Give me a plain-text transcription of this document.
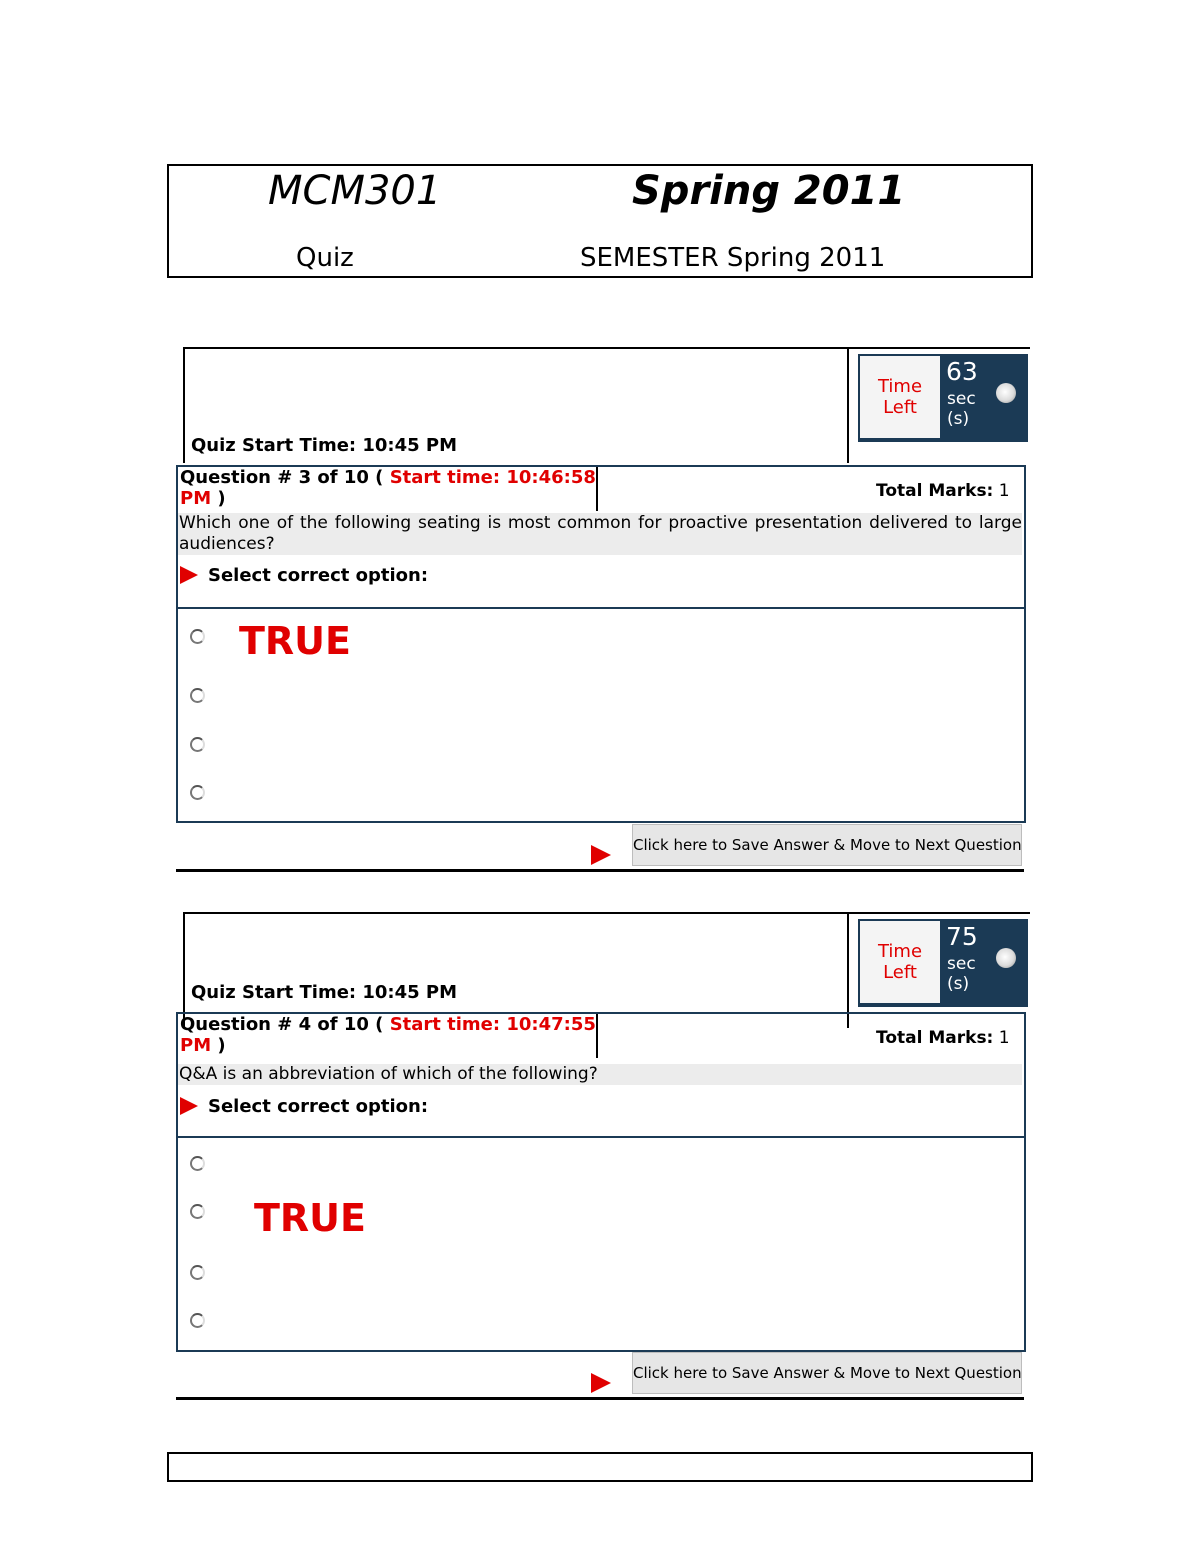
MCM301	Spring 2011
Quiz	SEMESTER Spring 2011
Time Left
63
sec(s)
Quiz Start Time: 10:45 PM
Question # 3 of 10 ( Start time: 10:46:58 PM )	Total Marks: 1
Which one of the following seating is most common for proactive presentation delivered to large audiences?
Select correct option:
TRUE
Click here to Save Answer & Move to Next Question
Time Left
75
sec(s)
Quiz Start Time: 10:45 PM
Question # 4 of 10 ( Start time: 10:47:55 PM )	Total Marks: 1
Q&A is an abbreviation of which of the following?
Select correct option:
TRUE
Click here to Save Answer & Move to Next Question
